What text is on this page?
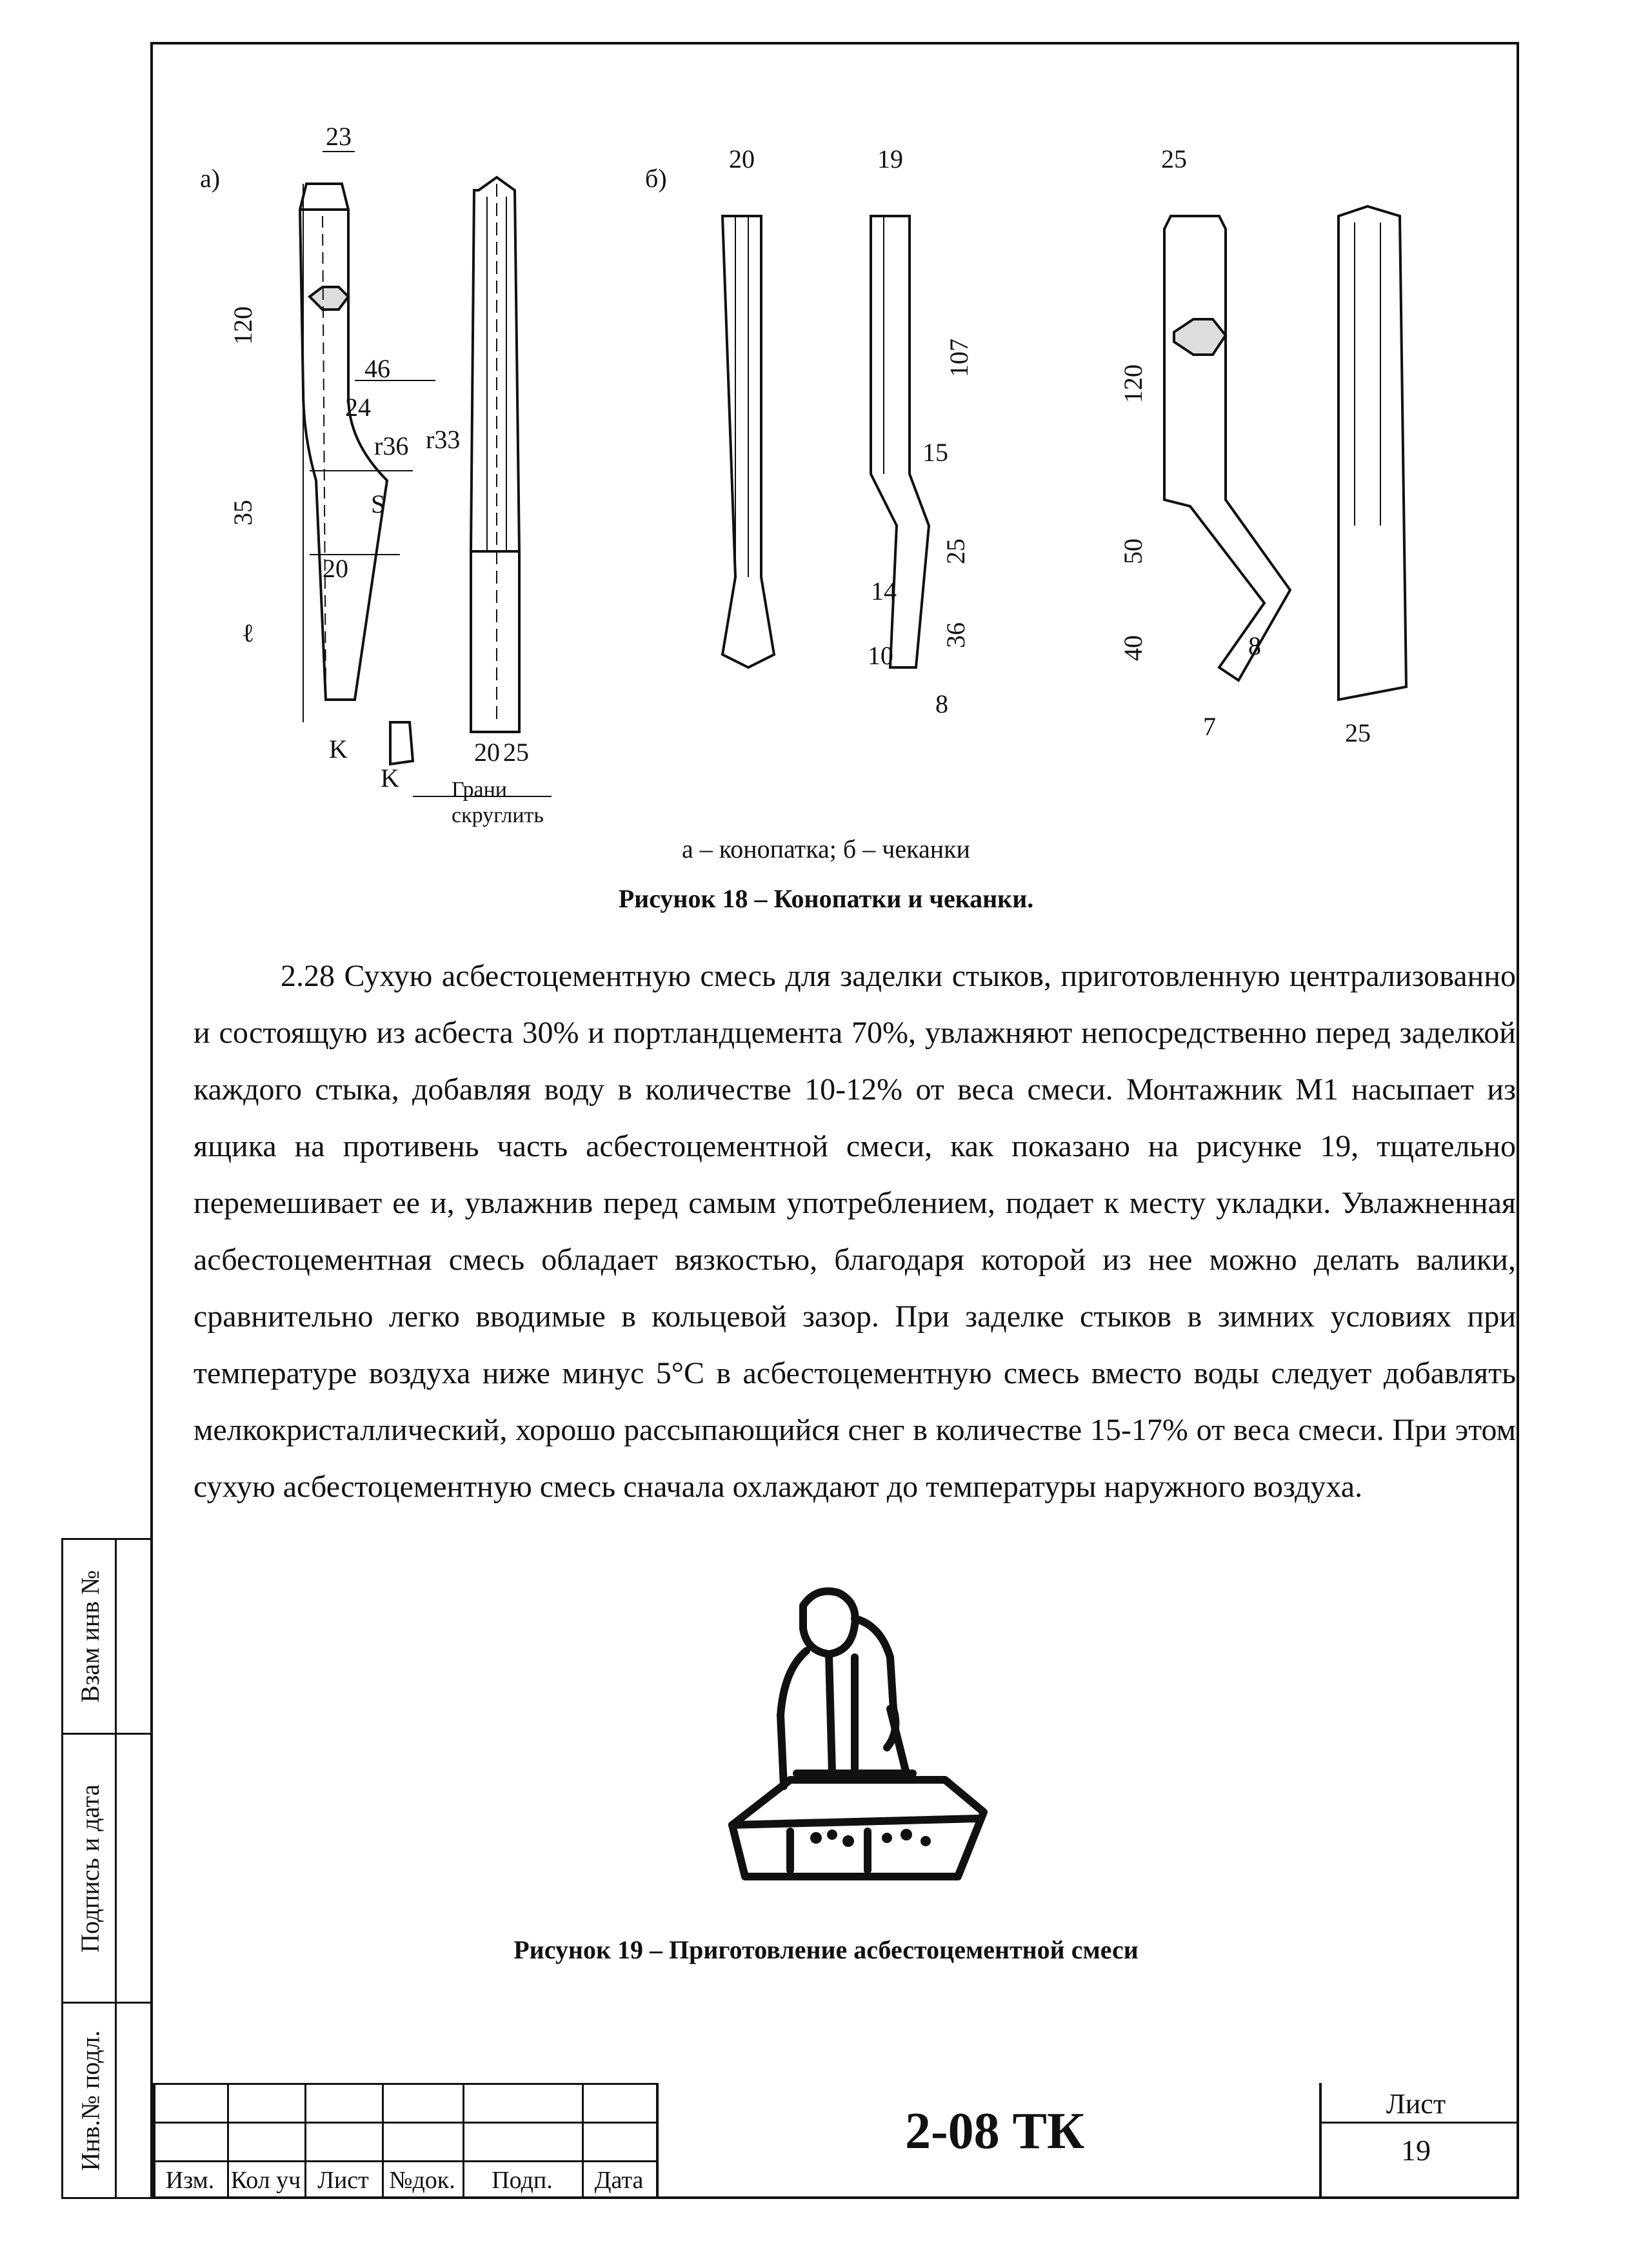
Взам инв №
Подпись и дата
Инв.№ подл.
а)	б)
23
120
46
24
r36 r33
35	S
20
ℓ
K
K Грани
скруглить
20 25
20	19
107
15
14
25
36
10
8
25
120
50
40	8
7	25
а – конопатка; б – чеканки
Рисунок 18 – Конопатки и чеканки.

2.28 Сухую асбестоцементную смесь для заделки стыков, приготовленную централизованно и состоящую из асбеста 30% и портландцемента 70%, увлажняют непосредственно перед заделкой каждого стыка, добавляя воду в количестве 10-12% от веса смеси. Монтажник М1 насыпает из ящика на противень часть асбестоцементной смеси, как показано на рисунке 19, тщательно перемешивает ее и, увлажнив перед самым употреблением, подает к месту укладки. Увлажненная асбестоцементная смесь обладает вязкостью, благодаря которой из нее можно делать валики, сравнительно легко вводимые в кольцевой зазор. При заделке стыков в зимних условиях при температуре воздуха ниже минус 5°С в асбестоцементную смесь вместо воды следует добавлять мелкокристаллический, хорошо рассыпающийся снег в количестве 15-17% от веса смеси. При этом сухую асбестоцементную смесь сначала охлаждают до температуры наружного воздуха.

Рисунок 19 – Приготовление асбестоцементной смеси
Изм. Кол уч Лист №док.	Подп.	Дата
2-08 ТК	Лист
19
